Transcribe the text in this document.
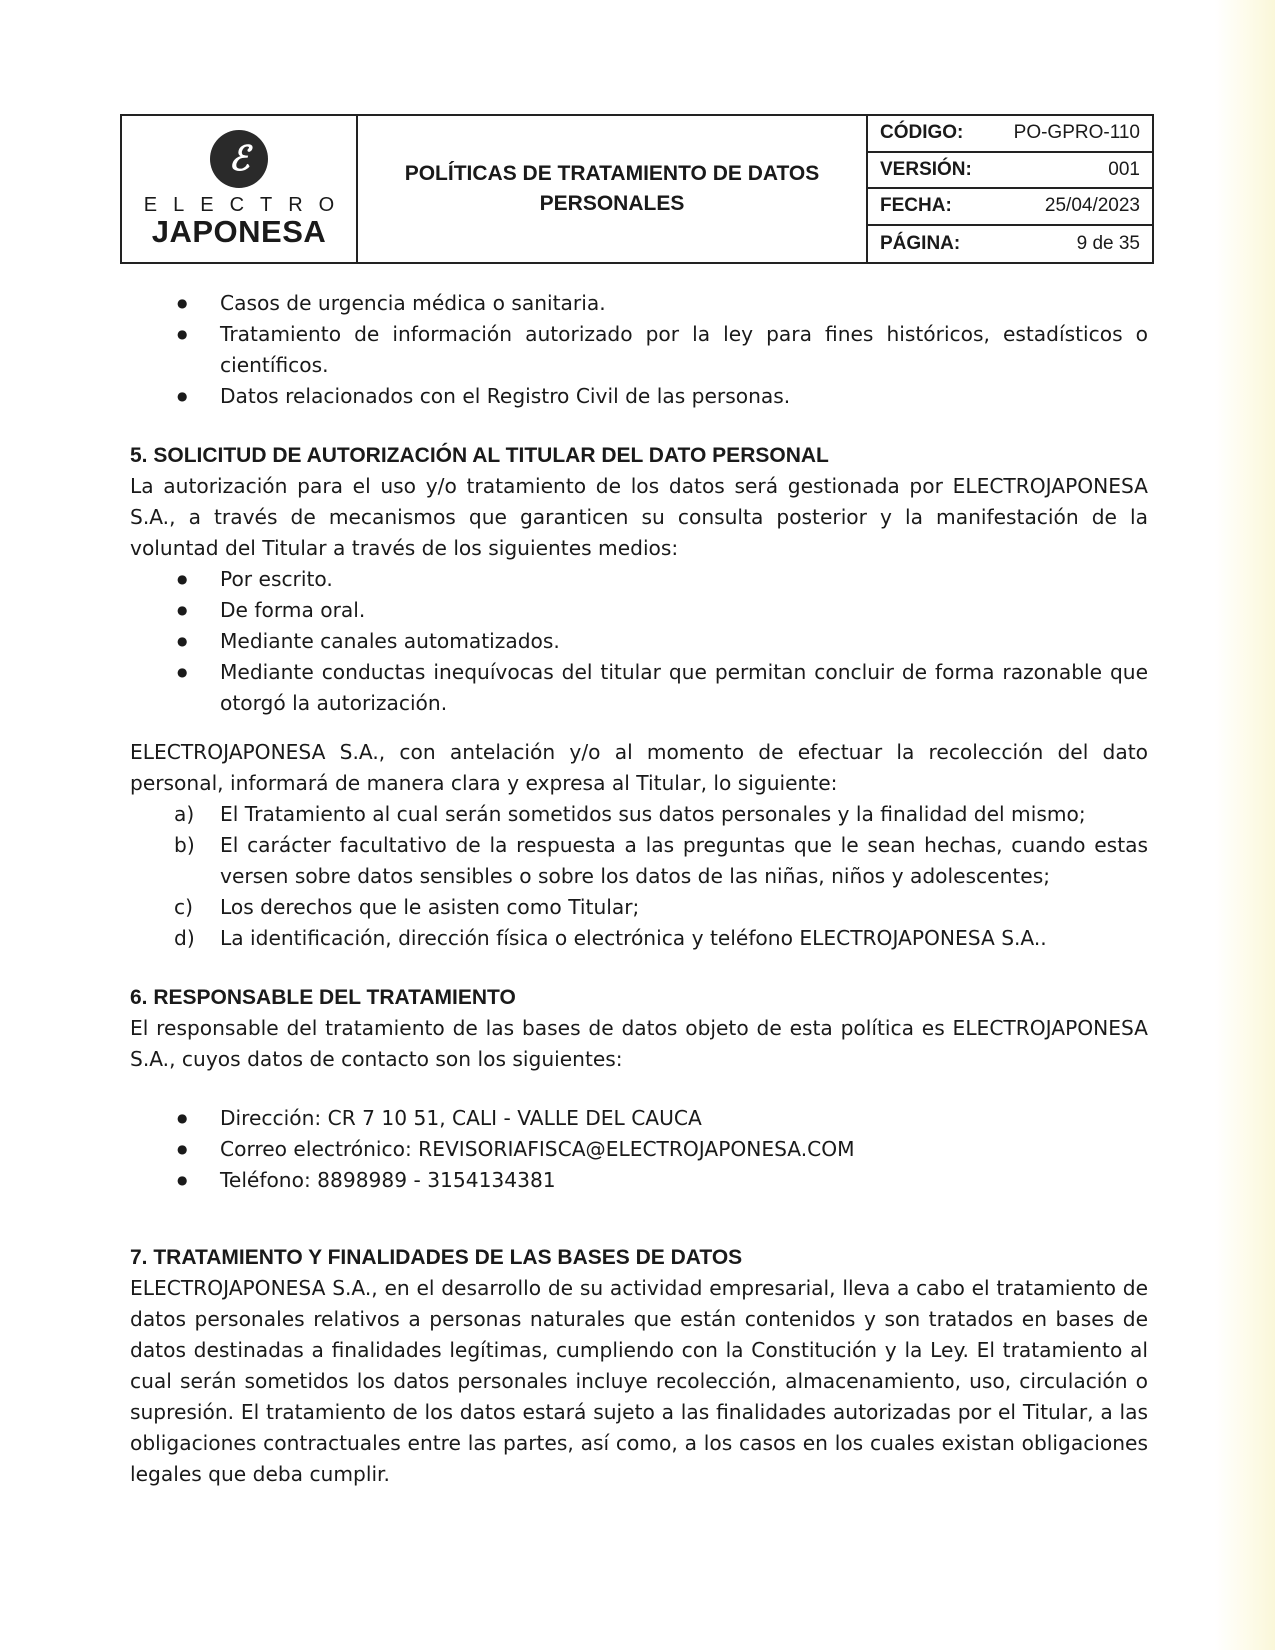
ℰ
ELECTRO
JAPONESA
POLÍTICAS DE TRATAMIENTO DE DATOS PERSONALES
CÓDIGO:	PO-GPRO-110
VERSIÓN:	001
FECHA:	25/04/2023
PÁGINA:	9 de 35
● Casos de urgencia médica o sanitaria.
● Tratamiento de información autorizado por la ley para fines históricos, estadísticos o científicos.
● Datos relacionados con el Registro Civil de las personas.
5. SOLICITUD DE AUTORIZACIÓN AL TITULAR DEL DATO PERSONAL

La autorización para el uso y/o tratamiento de los datos será gestionada por ELECTROJAPONESA S.A., a través de mecanismos que garanticen su consulta posterior y la manifestación de la voluntad del Titular a través de los siguientes medios:

● Por escrito.
● De forma oral.
● Mediante canales automatizados.
● Mediante conductas inequívocas del titular que permitan concluir de forma razonable que otorgó la autorización.

ELECTROJAPONESA S.A., con antelación y/o al momento de efectuar la recolección del dato personal, informará de manera clara y expresa al Titular, lo siguiente:

a) El Tratamiento al cual serán sometidos sus datos personales y la finalidad del mismo;
b) El carácter facultativo de la respuesta a las preguntas que le sean hechas, cuando estas versen sobre datos sensibles o sobre los datos de las niñas, niños y adolescentes;
c) Los derechos que le asisten como Titular;
d) La identificación, dirección física o electrónica y teléfono ELECTROJAPONESA S.A..
6. RESPONSABLE DEL TRATAMIENTO

El responsable del tratamiento de las bases de datos objeto de esta política es ELECTROJAPONESA S.A., cuyos datos de contacto son los siguientes:

● Dirección: CR 7 10 51, CALI - VALLE DEL CAUCA
● Correo electrónico: REVISORIAFISCA@ELECTROJAPONESA.COM
● Teléfono: 8898989 - 3154134381
7. TRATAMIENTO Y FINALIDADES DE LAS BASES DE DATOS

ELECTROJAPONESA S.A., en el desarrollo de su actividad empresarial, lleva a cabo el tratamiento de datos personales relativos a personas naturales que están contenidos y son tratados en bases de datos destinadas a finalidades legítimas, cumpliendo con la Constitución y la Ley. El tratamiento al cual serán sometidos los datos personales incluye recolección, almacenamiento, uso, circulación o supresión. El tratamiento de los datos estará sujeto a las finalidades autorizadas por el Titular, a las obligaciones contractuales entre las partes, así como, a los casos en los cuales existan obligaciones legales que deba cumplir.
